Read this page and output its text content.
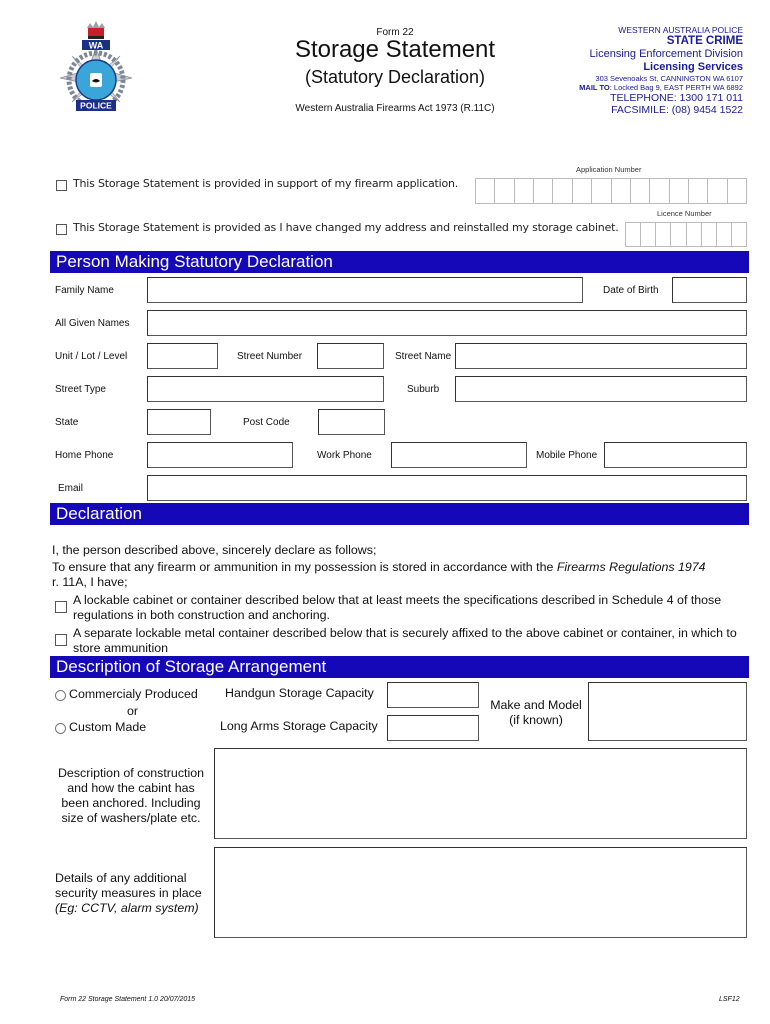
WA
POLICE
Form 22
Storage Statement
(Statutory Declaration)
Western Australia Firearms Act 1973 (R.11C)
WESTERN AUSTRALIA POLICE
STATE CRIME
Licensing Enforcement Division
Licensing Services
303 Sevenoaks St, CANNINGTON WA 6107
MAIL TO: Locked Bag 9, EAST PERTH WA 6892
TELEPHONE: 1300 171 011
FACSIMILE: (08) 9454 1522
Application Number
This Storage Statement is provided in support of my firearm application.
Licence Number
This Storage Statement is provided as I have changed my address and reinstalled my storage cabinet.
Person Making Statutory Declaration
Family Name	Date of Birth
All Given Names
Unit / Lot / Level	Street Number	Street Name
Street Type	Suburb
State	Post Code
Home Phone	Work Phone	Mobile Phone
Email
Declaration
I, the person described above, sincerely declare as follows;
To ensure that any firearm or ammunition in my possession is stored in accordance with the Firearms Regulations 1974
r. 11A, I have;
A lockable cabinet or container described below that at least meets the specifications described in Schedule 4 of those regulations in both construction and anchoring.
A separate lockable metal container described below that is securely affixed to the above cabinet or container, in which to store ammunition
Description of Storage Arrangement
Commercialy Produced
or
Custom Made
Handgun Storage Capacity
Long Arms Storage Capacity
Make and Model
(if known)
Description of construction and how the cabint has been anchored. Including size of washers/plate etc.
Details of any additional security measures in place
(Eg: CCTV, alarm system)
Form 22 Storage Statement 1.0 20/07/2015	LSF12
